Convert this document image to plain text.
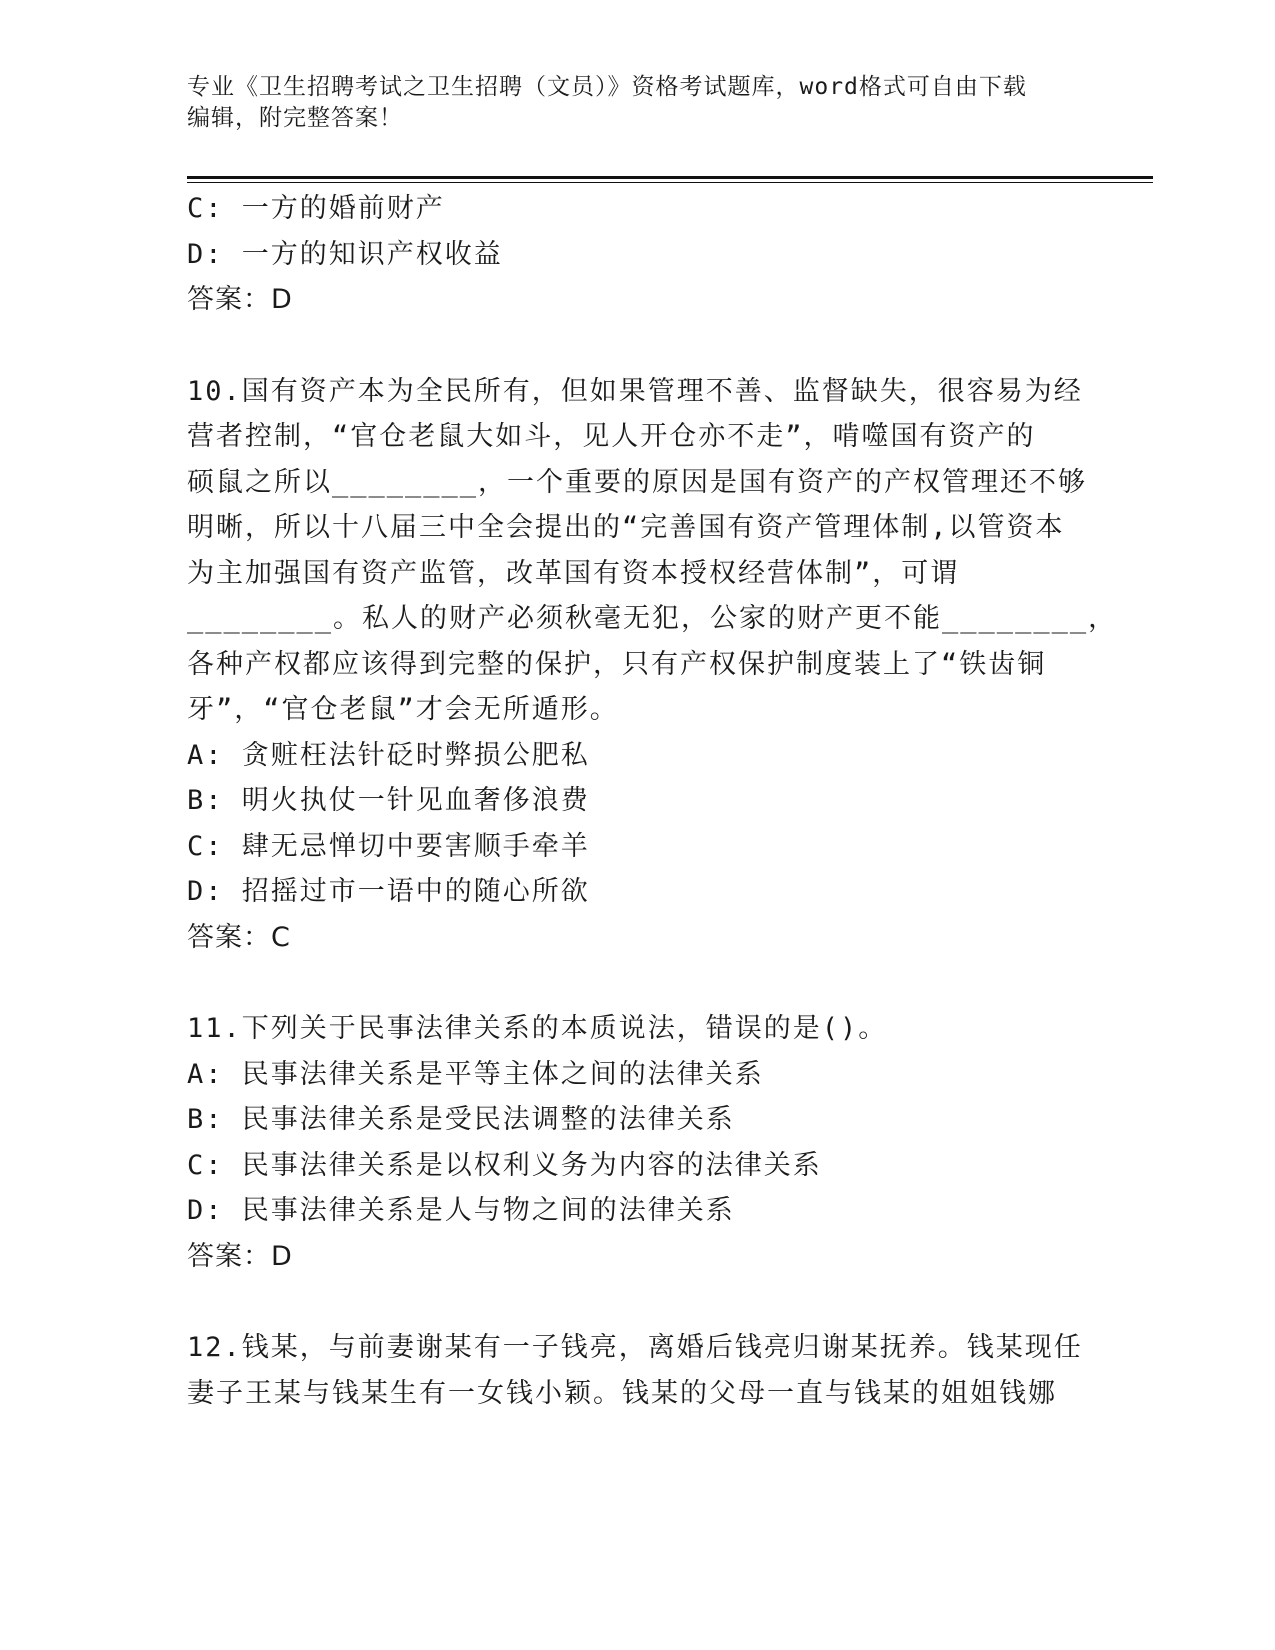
专业《卫生招聘考试之卫生招聘（文员）》资格考试题库，word格式可自由下载
编辑，附完整答案！
C: 一方的婚前财产
D: 一方的知识产权收益
答案：D
10.国有资产本为全民所有，但如果管理不善、监督缺失，很容易为经
营者控制，“官仓老鼠大如斗，见人开仓亦不走”，啃噬国有资产的
硕鼠之所以________，一个重要的原因是国有资产的产权管理还不够
明晰，所以十八届三中全会提出的“完善国有资产管理体制,以管资本
为主加强国有资产监管，改革国有资本授权经营体制”，可谓
________。私人的财产必须秋毫无犯，公家的财产更不能________，
各种产权都应该得到完整的保护，只有产权保护制度装上了“铁齿铜
牙”，“官仓老鼠”才会无所遁形。
A: 贪赃枉法针砭时弊损公肥私
B: 明火执仗一针见血奢侈浪费
C: 肆无忌惮切中要害顺手牵羊
D: 招摇过市一语中的随心所欲
答案：C
11.下列关于民事法律关系的本质说法，错误的是()。
A: 民事法律关系是平等主体之间的法律关系
B: 民事法律关系是受民法调整的法律关系
C: 民事法律关系是以权利义务为内容的法律关系
D: 民事法律关系是人与物之间的法律关系
答案：D
12.钱某，与前妻谢某有一子钱亮，离婚后钱亮归谢某抚养。钱某现任
妻子王某与钱某生有一女钱小颖。钱某的父母一直与钱某的姐姐钱娜
